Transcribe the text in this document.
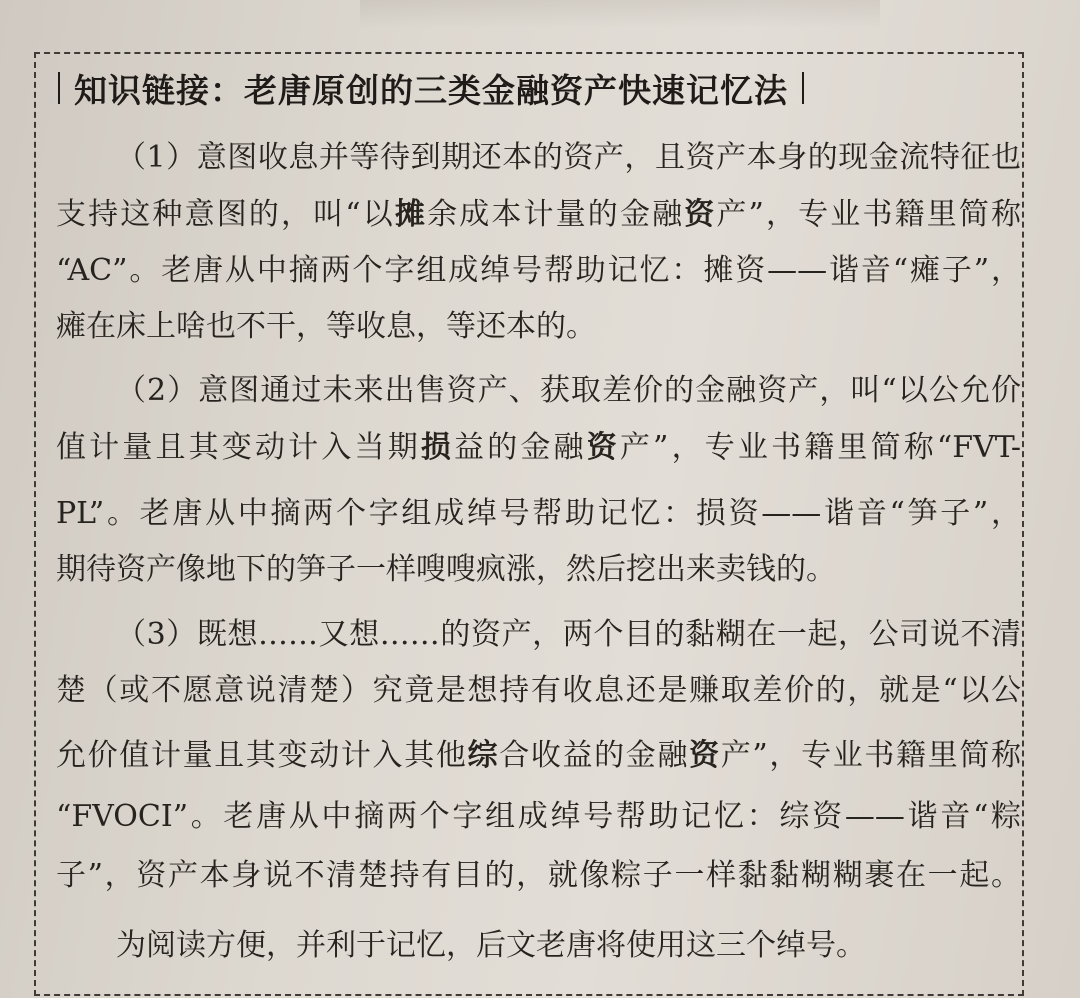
知识链接：老唐原创的三类金融资产快速记忆法
（1）意图收息并等待到期还本的资产，且资产本身的现金流特征也
支持这种意图的，叫“以摊余成本计量的金融资产”，专业书籍里简称
“AC”。老唐从中摘两个字组成绰号帮助记忆：摊资——谐音“瘫子”，
瘫在床上啥也不干，等收息，等还本的。
（2）意图通过未来出售资产、获取差价的金融资产，叫“以公允价
值计量且其变动计入当期损益的金融资产”，专业书籍里简称“FVT-
PL”。老唐从中摘两个字组成绰号帮助记忆：损资——谐音“笋子”，
期待资产像地下的笋子一样嗖嗖疯涨，然后挖出来卖钱的。
（3）既想……又想……的资产，两个目的黏糊在一起，公司说不清
楚（或不愿意说清楚）究竟是想持有收息还是赚取差价的，就是“以公
允价值计量且其变动计入其他综合收益的金融资产”，专业书籍里简称
“FVOCI”。老唐从中摘两个字组成绰号帮助记忆：综资——谐音“粽
子”，资产本身说不清楚持有目的，就像粽子一样黏黏糊糊裹在一起。
为阅读方便，并利于记忆，后文老唐将使用这三个绰号。
